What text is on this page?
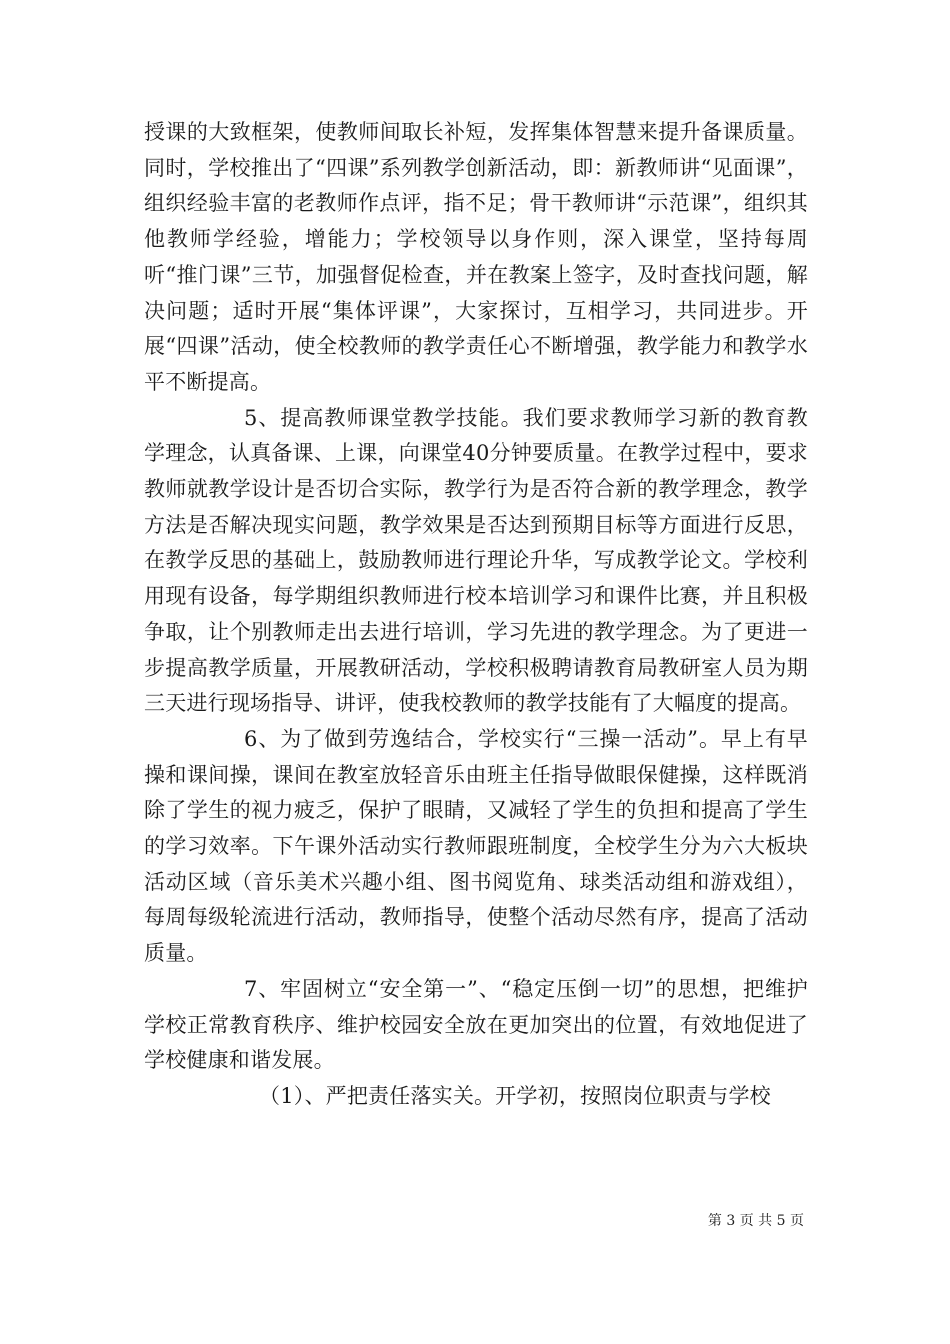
授课的大致框架，使教师间取长补短，发挥集体智慧来提升备课质量。同时，学校推出了“四课”系列教学创新活动，即：新教师讲“见面课”，组织经验丰富的老教师作点评，指不足；骨干教师讲“示范课”，组织其他教师学经验，增能力；学校领导以身作则，深入课堂，坚持每周听“推门课”三节，加强督促检查，并在教案上签字，及时查找问题，解决问题；适时开展“集体评课”，大家探讨，互相学习，共同进步。开展“四课”活动，使全校教师的教学责任心不断增强，教学能力和教学水平不断提高。

5、提高教师课堂教学技能。我们要求教师学习新的教育教学理念，认真备课、上课，向课堂40分钟要质量。在教学过程中，要求教师就教学设计是否切合实际，教学行为是否符合新的教学理念，教学方法是否解决现实问题，教学效果是否达到预期目标等方面进行反思，在教学反思的基础上，鼓励教师进行理论升华，写成教学论文。学校利用现有设备，每学期组织教师进行校本培训学习和课件比赛，并且积极争取，让个别教师走出去进行培训，学习先进的教学理念。为了更进一步提高教学质量，开展教研活动，学校积极聘请教育局教研室人员为期三天进行现场指导、讲评，使我校教师的教学技能有了大幅度的提高。

6、为了做到劳逸结合，学校实行“三操一活动”。早上有早操和课间操，课间在教室放轻音乐由班主任指导做眼保健操，这样既消除了学生的视力疲乏，保护了眼睛，又减轻了学生的负担和提高了学生的学习效率。下午课外活动实行教师跟班制度，全校学生分为六大板块活动区域（音乐美术兴趣小组、图书阅览角、球类活动组和游戏组），每周每级轮流进行活动，教师指导，使整个活动尽然有序，提高了活动质量。

7、牢固树立“安全第一”、“稳定压倒一切”的思想，把维护学校正常教育秩序、维护校园安全放在更加突出的位置，有效地促进了学校健康和谐发展。

（1）、严把责任落实关。开学初，按照岗位职责与学校

第 3 页 共 5 页
